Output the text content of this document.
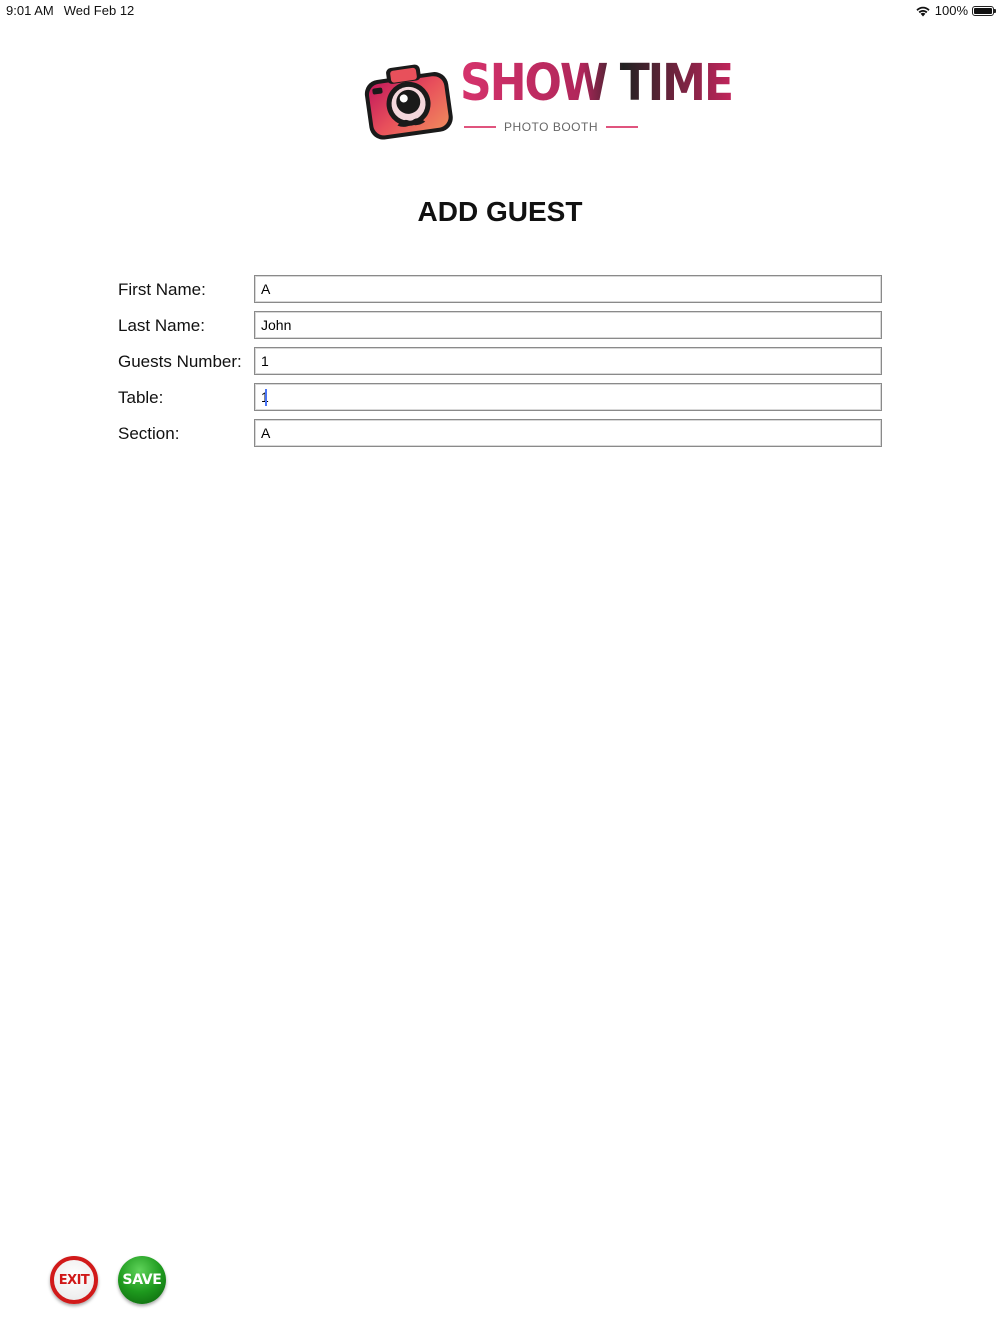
9:01 AM Wed Feb 12	100%
SHOW TIME
PHOTO BOOTH
ADD GUEST
First Name:
A
Last Name:
John
Guests Number:
1
Table:
1
Section:
A
EXIT SAVE
